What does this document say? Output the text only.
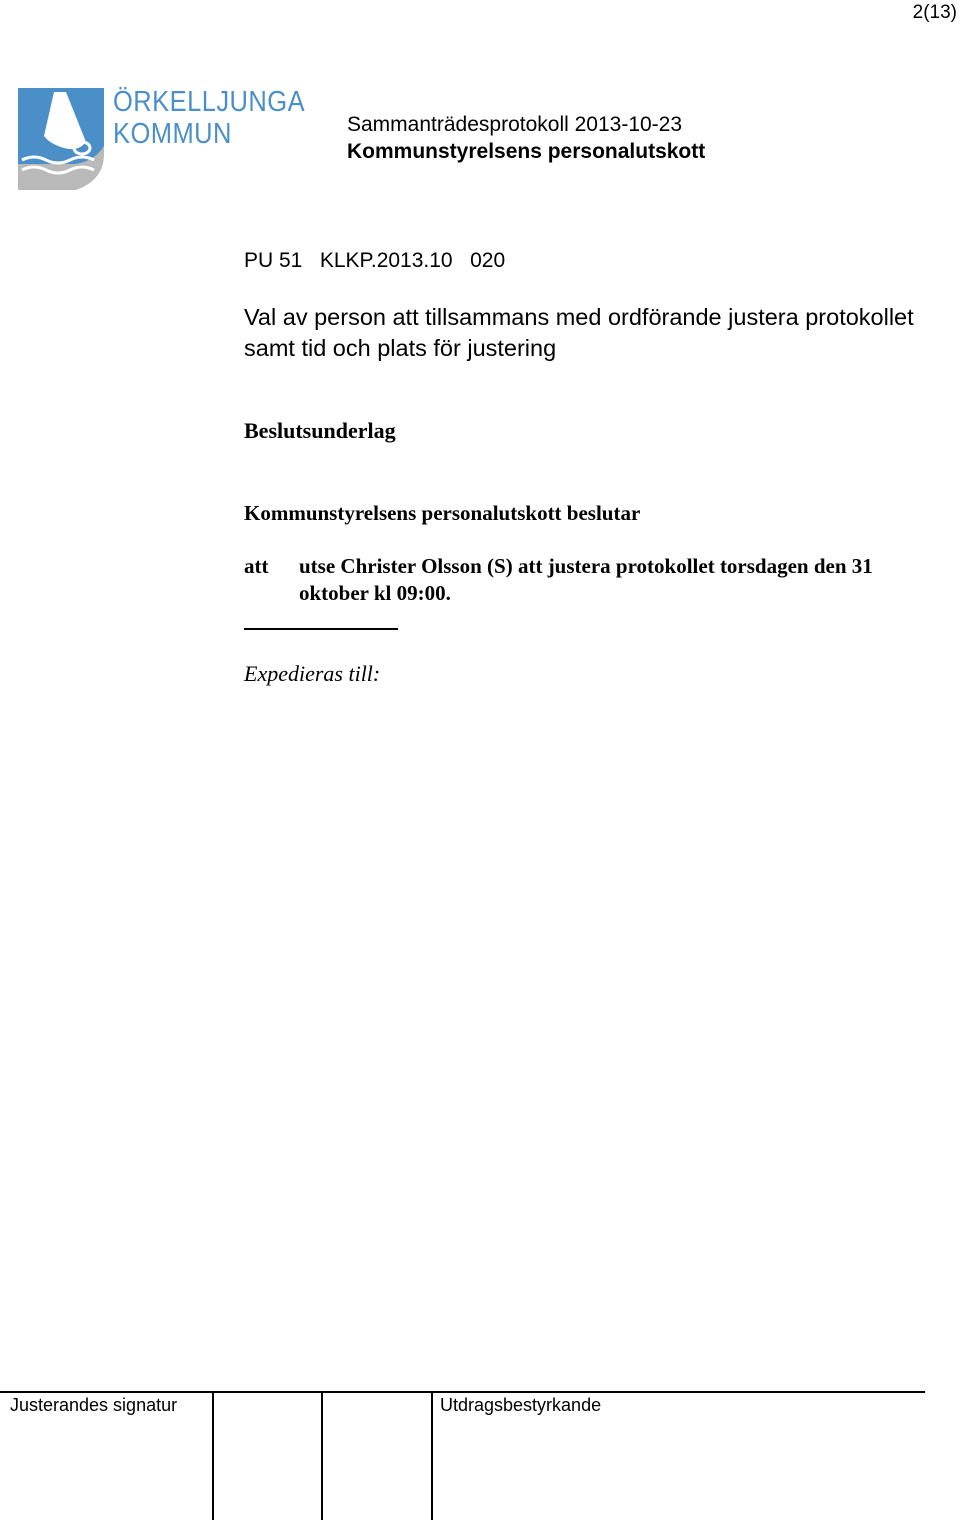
2(13)
ÖRKELLJUNGA
KOMMUN	Sammanträdesprotokoll 2013-10-23
Kommunstyrelsens personalutskott
PU 51   KLKP.2013.10   020
Val av person att tillsammans med ordförande justera protokollet samt tid och plats för justering
Beslutsunderlag
Kommunstyrelsens personalutskott beslutar
att utse Christer Olsson (S) att justera protokollet torsdagen den 31 oktober kl 09:00.
Expedieras till:
Justerandes signatur	Utdragsbestyrkande
